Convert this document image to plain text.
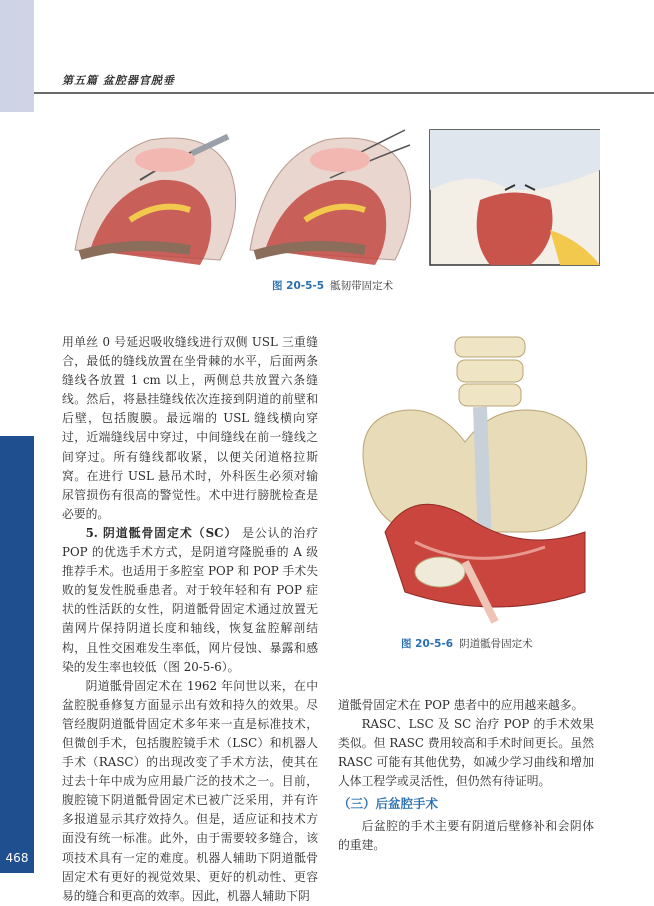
468
第五篇 盆腔器官脱垂
图 20-5-5 骶韧带固定术
图 20-5-6 阴道骶骨固定术

用单丝 0 号延迟吸收缝线进行双侧 USL 三重缝合，最低的缝线放置在坐骨棘的水平，后面两条缝线各放置 1 cm 以上，两侧总共放置六条缝线。然后，将悬挂缝线依次连接到阴道的前壁和后壁，包括腹膜。最远端的 USL 缝线横向穿过，近端缝线居中穿过，中间缝线在前一缝线之间穿过。所有缝线都收紧，以便关闭道格拉斯窝。在进行 USL 悬吊术时，外科医生必须对输尿管损伤有很高的警觉性。术中进行膀胱检查是必要的。

5. 阴道骶骨固定术（SC） 是公认的治疗 POP 的优选手术方式，是阴道穹隆脱垂的 A 级推荐手术。也适用于多腔室 POP 和 POP 手术失败的复发性脱垂患者。对于较年轻和有 POP 症状的性活跃的女性，阴道骶骨固定术通过放置无菌网片保持阴道长度和轴线，恢复盆腔解剖结构，且性交困难发生率低，网片侵蚀、暴露和感染的发生率也较低（图 20-5-6）。

阴道骶骨固定术在 1962 年问世以来，在中盆腔脱垂修复方面显示出有效和持久的效果。尽管经腹阴道骶骨固定术多年来一直是标准技术，但微创手术，包括腹腔镜手术（LSC）和机器人手术（RASC）的出现改变了手术方法，使其在过去十年中成为应用最广泛的技术之一。目前，腹腔镜下阴道骶骨固定术已被广泛采用，并有许多报道显示其疗效持久。但是，适应证和技术方面没有统一标准。此外，由于需要较多缝合，该项技术具有一定的难度。机器人辅助下阴道骶骨固定术有更好的视觉效果、更好的机动性、更容易的缝合和更高的效率。因此，机器人辅助下阴

道骶骨固定术在 POP 患者中的应用越来越多。

RASC、LSC 及 SC 治疗 POP 的手术效果类似。但 RASC 费用较高和手术时间更长。虽然 RASC 可能有其他优势，如减少学习曲线和增加人体工程学或灵活性，但仍然有待证明。

（三）后盆腔手术

后盆腔的手术主要有阴道后壁修补和会阴体的重建。
